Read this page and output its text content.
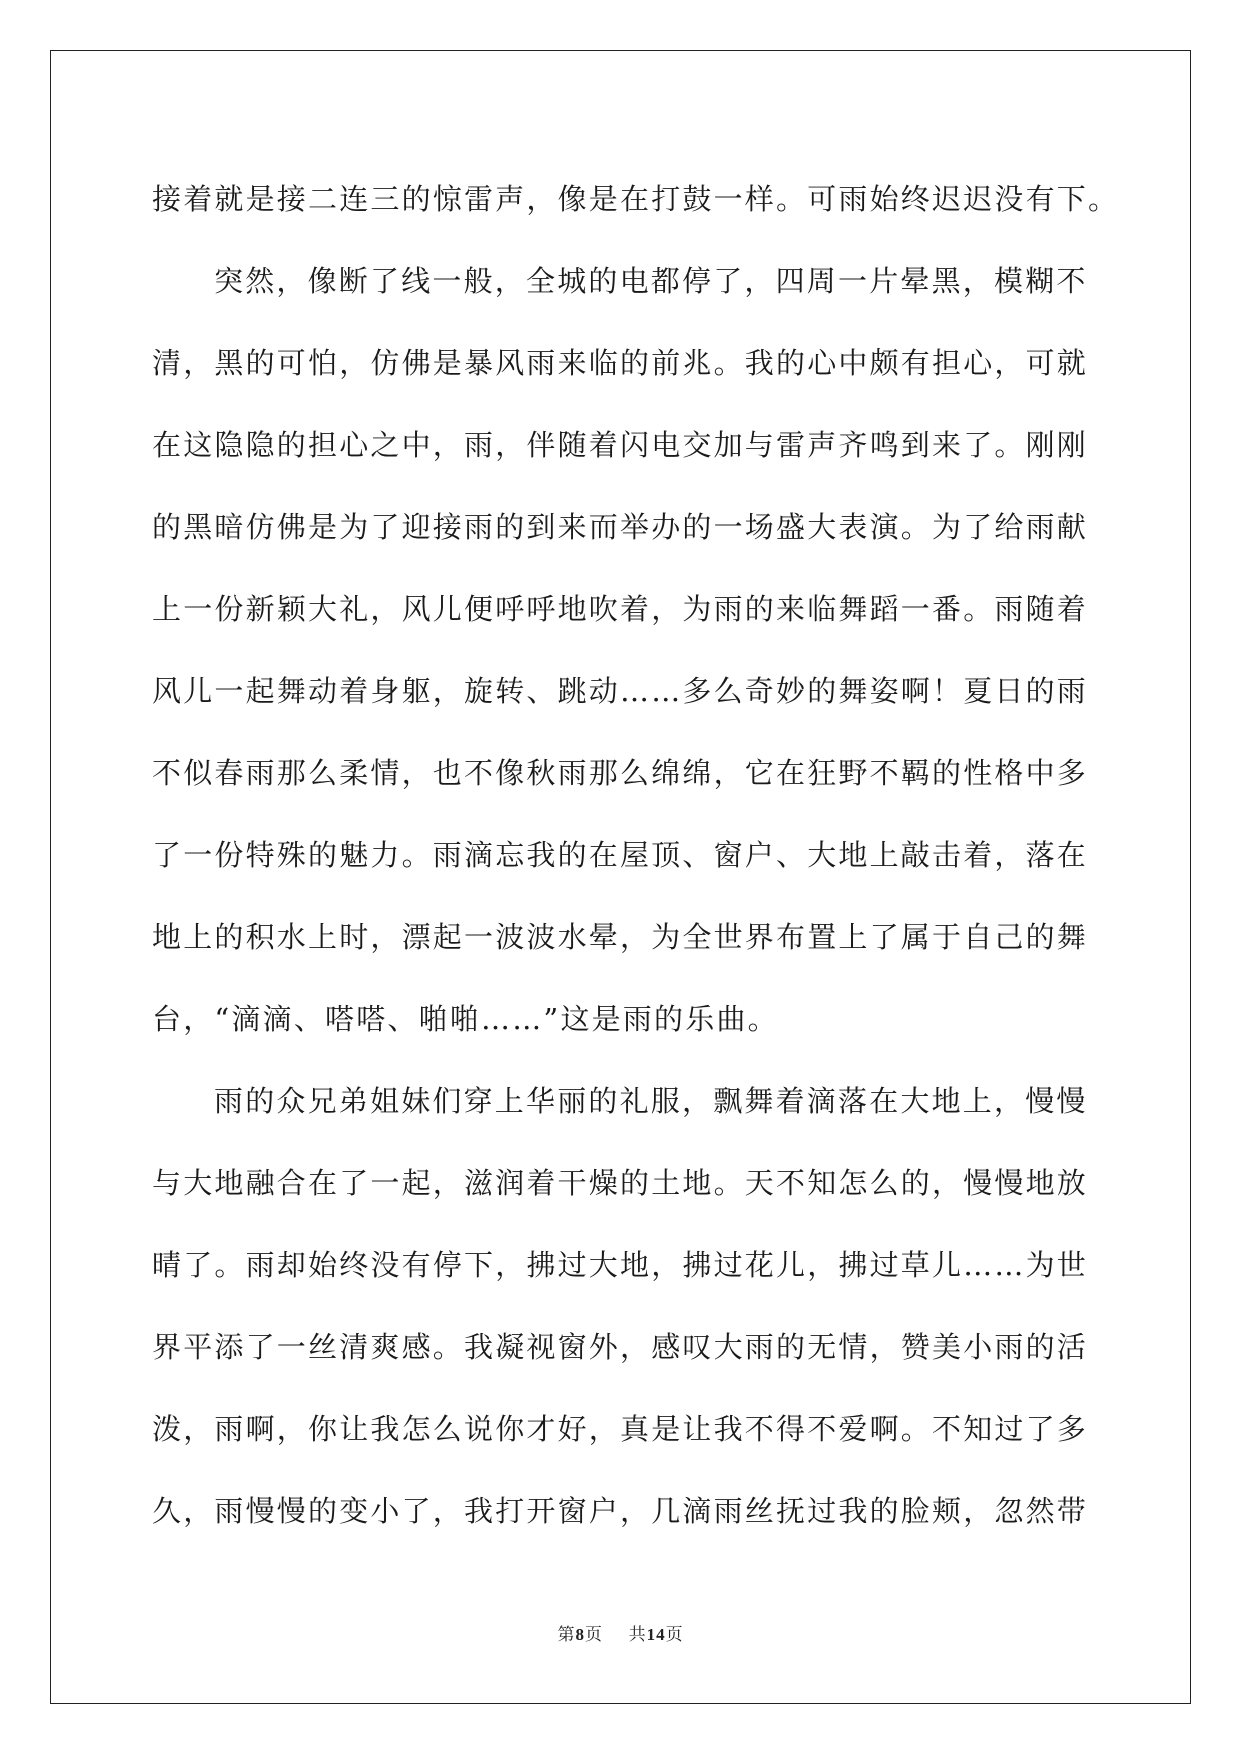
接着就是接二连三的惊雷声，像是在打鼓一样。可雨始终迟迟没有下。
突然，像断了线一般，全城的电都停了，四周一片晕黑，模糊不
清，黑的可怕，仿佛是暴风雨来临的前兆。我的心中颇有担心，可就
在这隐隐的担心之中，雨，伴随着闪电交加与雷声齐鸣到来了。刚刚
的黑暗仿佛是为了迎接雨的到来而举办的一场盛大表演。为了给雨献
上一份新颖大礼，风儿便呼呼地吹着，为雨的来临舞蹈一番。雨随着
风儿一起舞动着身躯，旋转、跳动……多么奇妙的舞姿啊！夏日的雨
不似春雨那么柔情，也不像秋雨那么绵绵，它在狂野不羁的性格中多
了一份特殊的魅力。雨滴忘我的在屋顶、窗户、大地上敲击着，落在
地上的积水上时，漂起一波波水晕，为全世界布置上了属于自己的舞
台，“滴滴、嗒嗒、啪啪……”这是雨的乐曲。
雨的众兄弟姐妹们穿上华丽的礼服，飘舞着滴落在大地上，慢慢
与大地融合在了一起，滋润着干燥的土地。天不知怎么的，慢慢地放
晴了。雨却始终没有停下，拂过大地，拂过花儿，拂过草儿……为世
界平添了一丝清爽感。我凝视窗外，感叹大雨的无情，赞美小雨的活
泼，雨啊，你让我怎么说你才好，真是让我不得不爱啊。不知过了多
久，雨慢慢的变小了，我打开窗户，几滴雨丝抚过我的脸颊，忽然带
第8页 共14页
